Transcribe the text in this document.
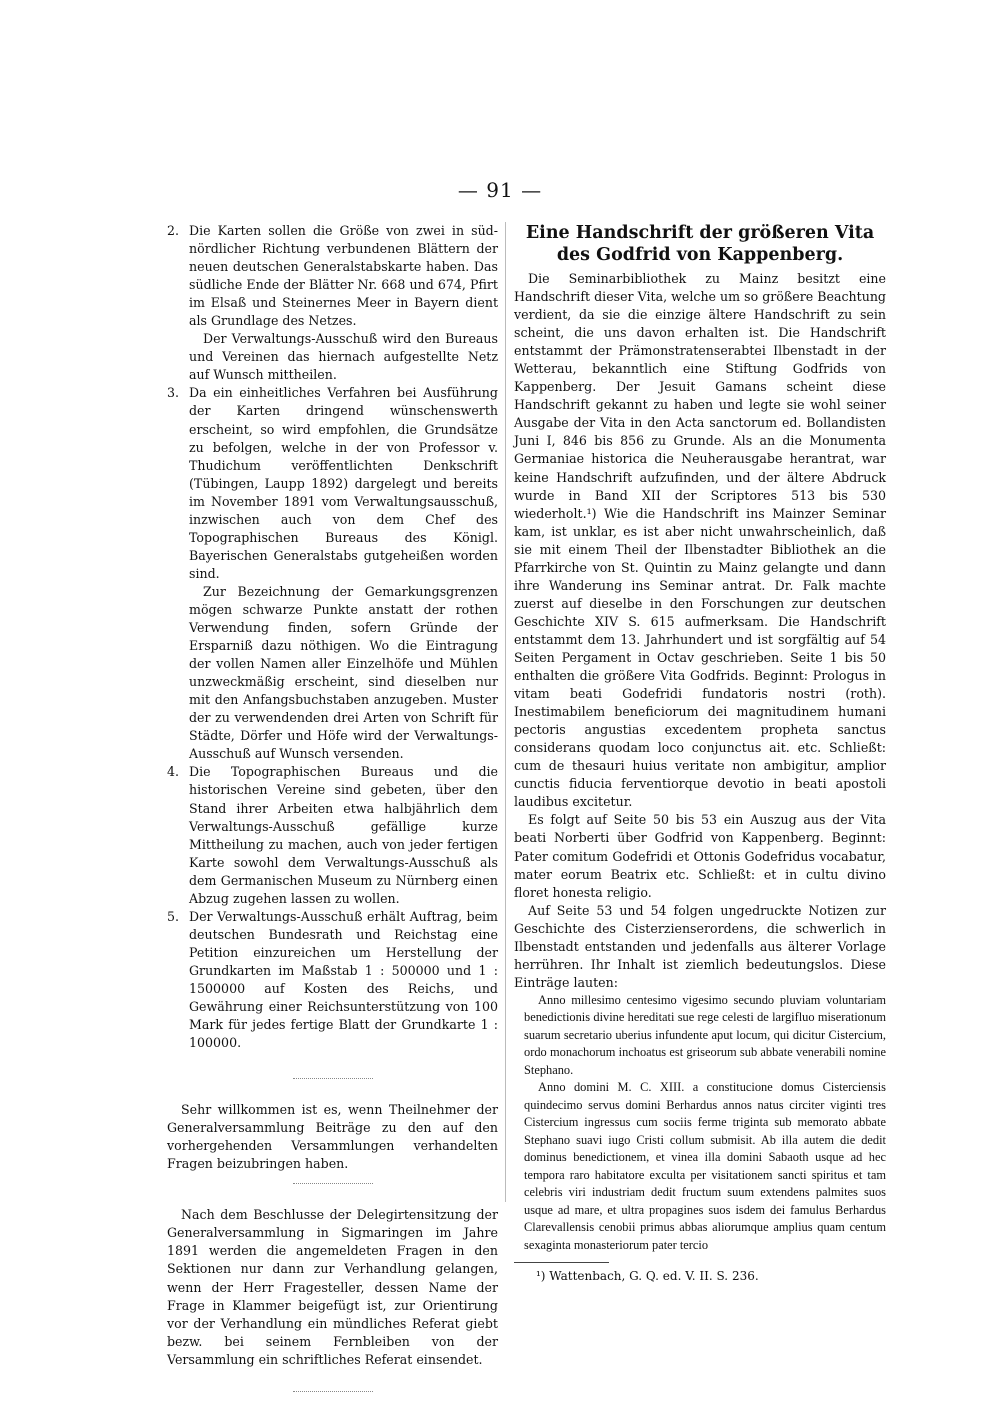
— 91 —
2. Die Karten sollen die Größe von zwei in süd-nördlicher Richtung verbundenen Blättern der neuen deutschen Generalstabskarte haben. Das südliche Ende der Blätter Nr. 668 und 674, Pfirt im Elsaß und Steinernes Meer in Bayern dient als Grundlage des Netzes.

Der Verwaltungs-Ausschuß wird den Bureaus und Vereinen das hiernach aufgestellte Netz auf Wunsch mittheilen.

3. Da ein einheitliches Verfahren bei Ausführung der Karten dringend wünschenswerth erscheint, so wird empfohlen, die Grundsätze zu befolgen, welche in der von Professor v. Thudichum veröffentlichten Denkschrift (Tübingen, Laupp 1892) dargelegt und bereits im November 1891 vom Verwaltungsausschuß, inzwischen auch von dem Chef des Topographischen Bureaus des Königl. Bayerischen Generalstabs gutgeheißen worden sind.

Zur Bezeichnung der Gemarkungsgrenzen mögen schwarze Punkte anstatt der rothen Verwendung finden, sofern Gründe der Ersparniß dazu nöthigen. Wo die Eintragung der vollen Namen aller Einzelhöfe und Mühlen unzweckmäßig erscheint, sind dieselben nur mit den Anfangsbuchstaben anzugeben. Muster der zu verwendenden drei Arten von Schrift für Städte, Dörfer und Höfe wird der Verwaltungs-Ausschuß auf Wunsch versenden.

4. Die Topographischen Bureaus und die historischen Vereine sind gebeten, über den Stand ihrer Arbeiten etwa halbjährlich dem Verwaltungs-Ausschuß gefällige kurze Mittheilung zu machen, auch von jeder fertigen Karte sowohl dem Verwaltungs-Ausschuß als dem Germanischen Museum zu Nürnberg einen Abzug zugehen lassen zu wollen.
5. Der Verwaltungs-Ausschuß erhält Auftrag, beim deutschen Bundesrath und Reichstag eine Petition einzureichen um Herstellung der Grundkarten im Maßstab 1 : 500000 und 1 : 1500000 auf Kosten des Reichs, und Gewährung einer Reichsunterstützung von 100 Mark für jedes fertige Blatt der Grundkarte 1 : 100000.

Sehr willkommen ist es, wenn Theilnehmer der Generalversammlung Beiträge zu den auf den vorhergehenden Versammlungen verhandelten Fragen beizubringen haben.

Nach dem Beschlusse der Delegirtensitzung der Generalversammlung in Sigmaringen im Jahre 1891 werden die angemeldeten Fragen in den Sektionen nur dann zur Verhandlung gelangen, wenn der Herr Fragesteller, dessen Name der Frage in Klammer beigefügt ist, zur Orientirung vor der Verhandlung ein mündliches Referat giebt bezw. bei seinem Fernbleiben von der Versammlung ein schriftliches Referat einsendet.

Eine Handschrift der größeren Vita des Godfrid von Kappenberg.

Die Seminarbibliothek zu Mainz besitzt eine Handschrift dieser Vita, welche um so größere Beachtung verdient, da sie die einzige ältere Handschrift zu sein scheint, die uns davon erhalten ist. Die Handschrift entstammt der Prämonstratenserabtei Ilbenstadt in der Wetterau, bekanntlich eine Stiftung Godfrids von Kappenberg. Der Jesuit Gamans scheint diese Handschrift gekannt zu haben und legte sie wohl seiner Ausgabe der Vita in den Acta sanctorum ed. Bollandisten Juni I, 846 bis 856 zu Grunde. Als an die Monumenta Germaniae historica die Neuherausgabe herantrat, war keine Handschrift aufzufinden, und der ältere Abdruck wurde in Band XII der Scriptores 513 bis 530 wiederholt.¹) Wie die Handschrift ins Mainzer Seminar kam, ist unklar, es ist aber nicht unwahrscheinlich, daß sie mit einem Theil der Ilbenstadter Bibliothek an die Pfarrkirche von St. Quintin zu Mainz gelangte und dann ihre Wanderung ins Seminar antrat. Dr. Falk machte zuerst auf dieselbe in den Forschungen zur deutschen Geschichte XIV S. 615 aufmerksam. Die Handschrift entstammt dem 13. Jahrhundert und ist sorgfältig auf 54 Seiten Pergament in Octav geschrieben. Seite 1 bis 50 enthalten die größere Vita Godfrids. Beginnt: Prologus in vitam beati Godefridi fundatoris nostri (roth). Inestimabilem beneficiorum dei magnitudinem humani pectoris angustias excedentem propheta sanctus considerans quodam loco conjunctus ait. etc. Schließt: cum de thesauri huius veritate non ambigitur, amplior cunctis fiducia ferventiorque devotio in beati apostoli laudibus excitetur.

Es folgt auf Seite 50 bis 53 ein Auszug aus der Vita beati Norberti über Godfrid von Kappenberg. Beginnt: Pater comitum Godefridi et Ottonis Godefridus vocabatur, mater eorum Beatrix etc. Schließt: et in cultu divino floret honesta religio.

Auf Seite 53 und 54 folgen ungedruckte Notizen zur Geschichte des Cisterzienserordens, die schwerlich in Ilbenstadt entstanden und jedenfalls aus älterer Vorlage herrühren. Ihr Inhalt ist ziemlich bedeutungslos. Diese Einträge lauten:

Anno millesimo centesimo vigesimo secundo pluviam voluntariam benedictionis divine hereditati sue rege celesti de largifluo miserationum suarum secretario uberius infundente aput locum, qui dicitur Cistercium, ordo monachorum inchoatus est griseorum sub abbate venerabili nomine Stephano.

Anno domini M. C. XIII. a constitucione domus Cisterciensis quindecimo servus domini Berhardus annos natus circiter viginti tres Cistercium ingressus cum sociis ferme triginta sub memorato abbate Stephano suavi iugo Cristi collum submisit. Ab illa autem die dedit dominus benedictionem, et vinea illa domini Sabaoth usque ad hec tempora raro habitatore exculta per visitationem sancti spiritus et tam celebris viri industriam dedit fructum suum extendens palmites suos usque ad mare, et ultra propagines suos isdem dei famulus Berhardus Clarevallensis cenobii primus abbas aliorumque amplius quam centum sexaginta monasteriorum pater tercio

¹) Wattenbach, G. Q. ed. V. II. S. 236.
